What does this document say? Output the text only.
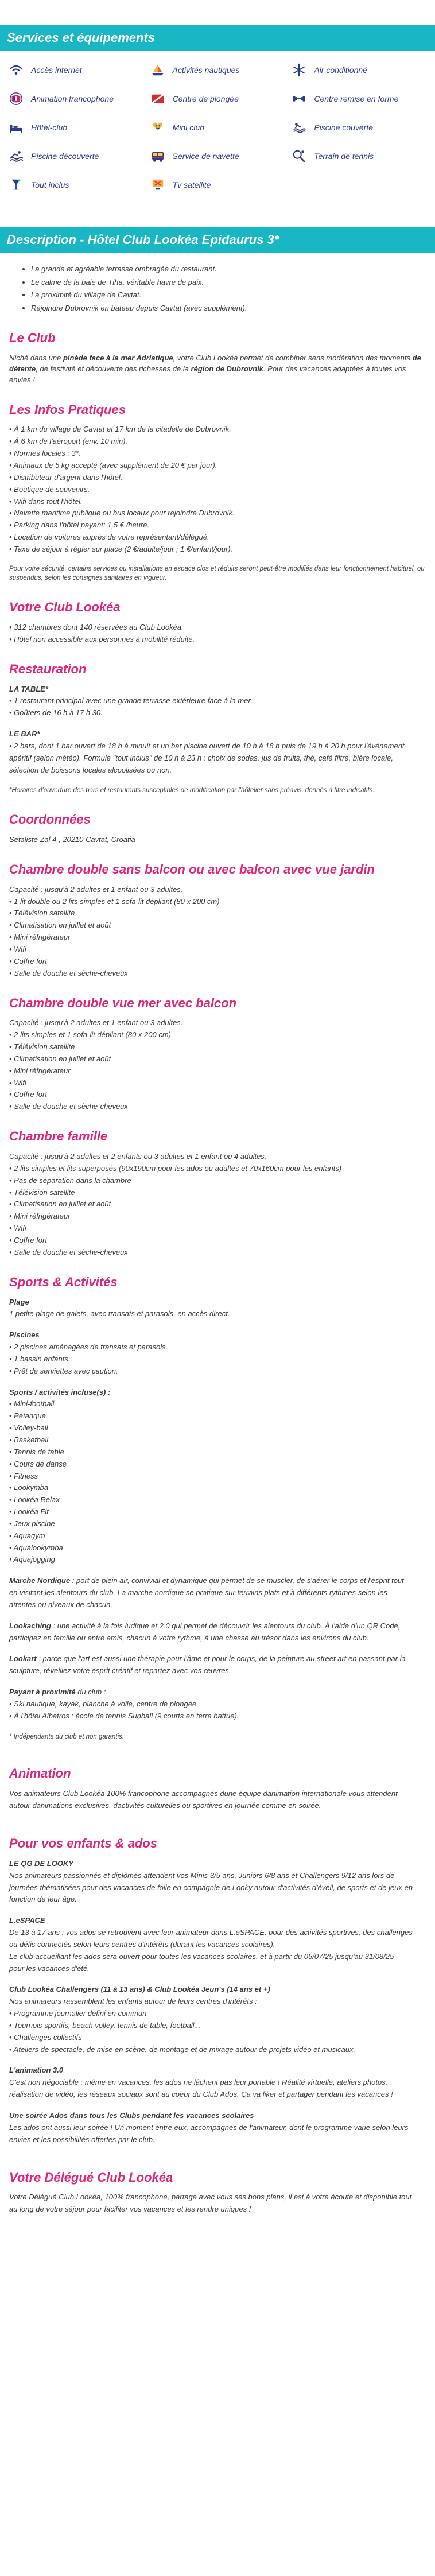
Services et équipements
Accès internet	Activités nautiques	Air conditionné
Animation francophone	Centre de plongée	Centre remise en forme
Hôtel-club	Mini club	Piscine couverte
Piscine découverte	Service de navette	Terrain de tennis
Tout inclus	Tv satellite
Description - Hôtel Club Lookéa Epidaurus 3*
• La grande et agréable terrasse ombragée du restaurant.
• Le calme de la baie de Tiha, véritable havre de paix.
• La proximité du village de Cavtat.
• Rejoindre Dubrovnik en bateau depuis Cavtat (avec supplément).
Le Club

Niché dans une pinède face à la mer Adriatique, votre Club Lookéa permet de combiner sens modération des moments de détente, de festivité et découverte des richesses de la région de Dubrovnik. Pour des vacances adaptées à toutes vos envies !

Les Infos Pratiques
• À 1 km du village de Cavtat et 17 km de la citadelle de Dubrovnik.
• À 6 km de l'aéroport (env. 10 min).
• Normes locales : 3*.
• Animaux de 5 kg accepté (avec supplément de 20 € par jour).
• Distributeur d'argent dans l'hôtel.
• Boutique de souvenirs.
• Wifi dans tout l'hôtel.
• Navette maritime publique ou bus locaux pour rejoindre Dubrovnik.
• Parking dans l'hôtel payant: 1,5 € /heure.
• Location de voitures auprès de votre représentant/délégué.
• Taxe de séjour à régler sur place (2 €/adulte/jour ; 1 €/enfant/jour).

Pour votre sécurité, certains services ou installations en espace clos et réduits seront peut-être modifiés dans leur fonctionnement habituel, ou suspendus, selon les consignes sanitaires en vigueur.

Votre Club Lookéa
• 312 chambres dont 140 réservées au Club Lookéa.
• Hôtel non accessible aux personnes à mobilité réduite.
Restauration
LA TABLE*
• 1 restaurant principal avec une grande terrasse extérieure face à la mer.
• Goûters de 16 h à 17 h 30.
LE BAR*
• 2 bars, dont 1 bar ouvert de 18 h à minuit et un bar piscine ouvert de 10 h à 18 h puis de 19 h à 20 h pour l'événement
apéritif (selon météo). Formule "tout inclus" de 10 h à 23 h : choix de sodas, jus de fruits, thé, café filtre, bière locale,
sélection de boissons locales alcoolisées ou non.
*Horaires d'ouverture des bars et restaurants susceptibles de modification par l'hôtelier sans préavis, donnés à titre indicatifs.
Coordonnées
Setaliste Zal 4 , 20210 Cavtat, Croatia
Chambre double sans balcon ou avec balcon avec vue jardin
Capacité : jusqu'à 2 adultes et 1 enfant ou 3 adultes.
• 1 lit double ou 2 lits simples et 1 sofa-lit dépliant (80 x 200 cm)
• Télévision satellite
• Climatisation en juillet et août
• Mini réfrigérateur
• Wifi
• Coffre fort
• Salle de douche et sèche-cheveux
Chambre double vue mer avec balcon
Capacité : jusqu'à 2 adultes et 1 enfant ou 3 adultes.
• 2 lits simples et 1 sofa-lit dépliant (80 x 200 cm)
• Télévision satellite
• Climatisation en juillet et août
• Mini réfrigérateur
• Wifi
• Coffre fort
• Salle de douche et sèche-cheveux
Chambre famille
Capacité : jusqu'à 2 adultes et 2 enfants ou 3 adultes et 1 enfant ou 4 adultes.
• 2 lits simples et lits superposés (90x190cm pour les ados ou adultes et 70x160cm pour les enfants)
• Pas de séparation dans la chambre
• Télévision satellite
• Climatisation en juillet et août
• Mini réfrigérateur
• Wifi
• Coffre fort
• Salle de douche et sèche-cheveux
Sports & Activités
Plage
1 petite plage de galets, avec transats et parasols, en accès direct.
Piscines
• 2 piscines aménagées de transats et parasols.
• 1 bassin enfants.
• Prêt de serviettes avec caution.
Sports / activités incluse(s) :
• Mini-football
• Petanque
• Volley-ball
• Basketball
• Tennis de table
• Cours de danse
• Fitness
• Lookymba
• Lookéa Relax
• Lookéa Fit
• Jeux piscine
• Aquagym
• Aqualookymba
• Aquajogging
Marche Nordique : port de plein air, convivial et dynamique qui permet de se muscler, de s'aérer le corps et l'esprit tout
en visitant les alentours du club. La marche nordique se pratique sur terrains plats et à différents rythmes selon les
attentes ou niveaux de chacun.
Lookaching : une activité à la fois ludique et 2.0 qui permet de découvrir les alentours du club. À l'aide d'un QR Code,
participez en famille ou entre amis, chacun à votre rythme, à une chasse au trésor dans les environs du club.
Lookart : parce que l'art est aussi une thérapie pour l'âme et pour le corps, de la peinture au street art en passant par la
sculpture, réveillez votre esprit créatif et repartez avec vos œuvres.
Payant à proximité du club :
• Ski nautique, kayak, planche à voile, centre de plongée.
• À l'hôtel Albatros : école de tennis Sunball (9 courts en terre battue).
* Indépendants du club et non garantis.
Animation
Vos animateurs Club Lookéa 100% francophone accompagnés dune équipe danimation internationale vous attendent
autour danimations exclusives, dactivités culturelles ou sportives en journée comme en soirée.
Pour vos enfants & ados
LE QG DE LOOKY
Nos animateurs passionnés et diplômés attendent vos Minis 3/5 ans, Juniors 6/8 ans et Challengers 9/12 ans lors de
journées thématisées pour des vacances de folie en compagnie de Looky autour d'activités d'éveil, de sports et de jeux en
fonction de leur âge.
L.eSPACE
De 13 à 17 ans : vos ados se retrouvent avec leur animateur dans L.eSPACE, pour des activités sportives, des challenges
ou défis connectés selon leurs centres d'intérêts (durant les vacances scolaires).
Le club accueillant les ados sera ouvert pour toutes les vacances scolaires, et à partir du 05/07/25 jusqu'au 31/08/25
pour les vacances d'été.
Club Lookéa Challengers (11 à 13 ans) & Club Lookéa Jeun's (14 ans et +)
Nos animateurs rassemblent les enfants autour de leurs centres d'intérêts :
• Programme journalier défini en commun
• Tournois sportifs, beach volley, tennis de table, football...
• Challenges collectifs
• Ateliers de spectacle, de mise en scène, de montage et de mixage autour de projets vidéo et musicaux.
L'animation 3.0
C'est non négociable : même en vacances, les ados ne lâchent pas leur portable ! Réalité virtuelle, ateliers photos,
réalisation de vidéo, les réseaux sociaux sont au coeur du Club Ados. Ça va liker et partager pendant les vacances !
Une soirée Ados dans tous les Clubs pendant les vacances scolaires
Les ados ont aussi leur soirée ! Un moment entre eux, accompagnés de l'animateur, dont le programme varie selon leurs
envies et les possibilités offertes par le club.
Votre Délégué Club Lookéa
Votre Délégué Club Lookéa, 100% francophone, partage avec vous ses bons plans, il est à votre écoute et disponible tout
au long de votre séjour pour faciliter vos vacances et les rendre uniques !
